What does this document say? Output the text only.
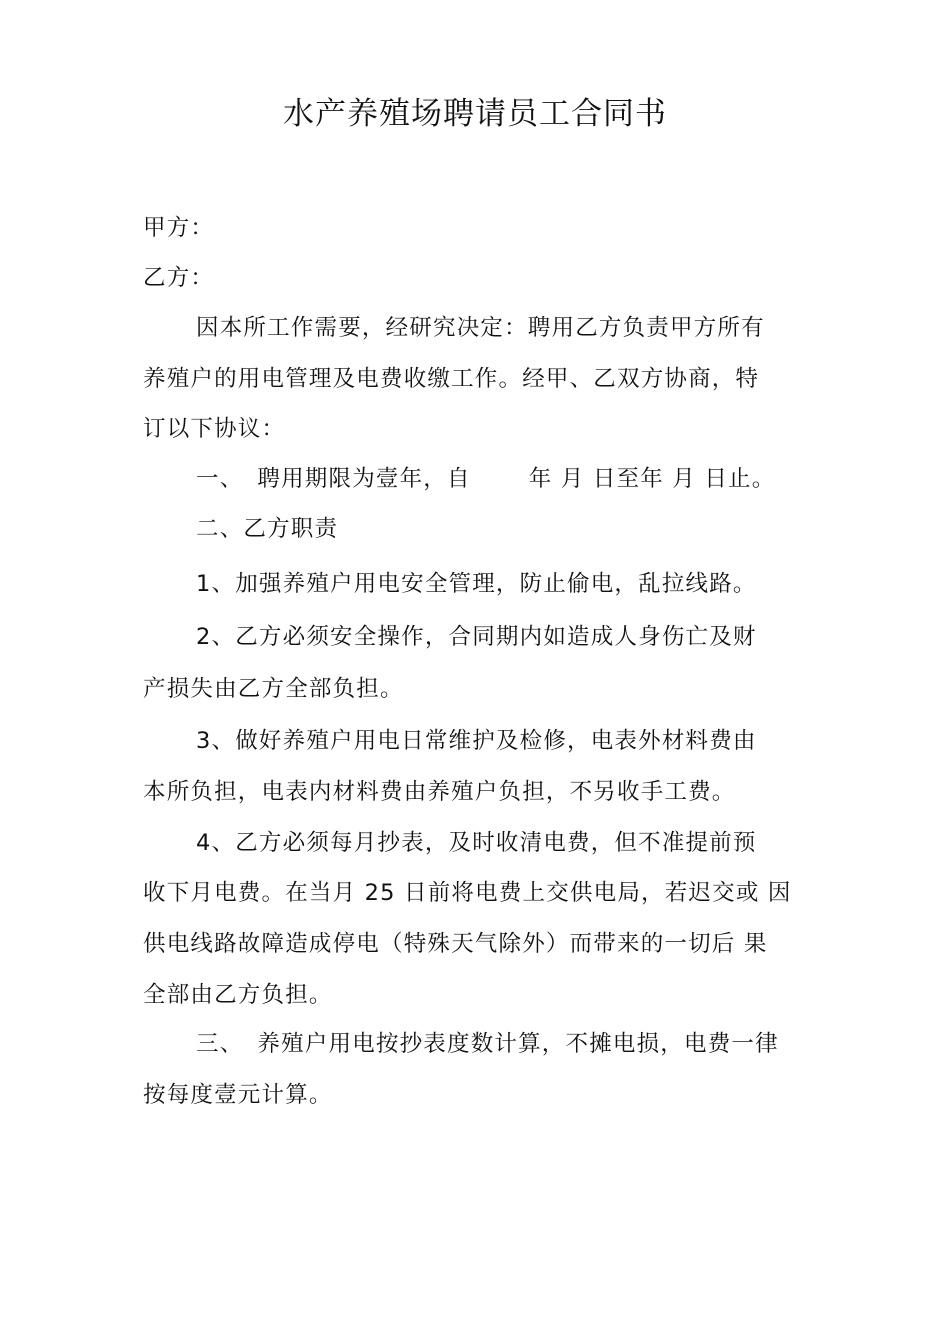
水产养殖场聘请员工合同书
甲方：
乙方：
因本所工作需要，经研究决定：聘用乙方负责甲方所有
养殖户的用电管理及电费收缴工作。经甲、乙双方协商，特
订以下协议：
一、 聘用期限为壹年，自	年 月 日至年 月 日止。
二、乙方职责
1、加强养殖户用电安全管理，防止偷电，乱拉线路。
2、乙方必须安全操作，合同期内如造成人身伤亡及财
产损失由乙方全部负担。
3、做好养殖户用电日常维护及检修，电表外材料费由
本所负担，电表内材料费由养殖户负担，不另收手工费。
4、乙方必须每月抄表，及时收清电费，但不准提前预
收下月电费。在当月 25 日前将电费上交供电局，若迟交或 因
供电线路故障造成停电（特殊天气除外）而带来的一切后 果
全部由乙方负担。
三、 养殖户用电按抄表度数计算，不摊电损，电费一律
按每度壹元计算。
